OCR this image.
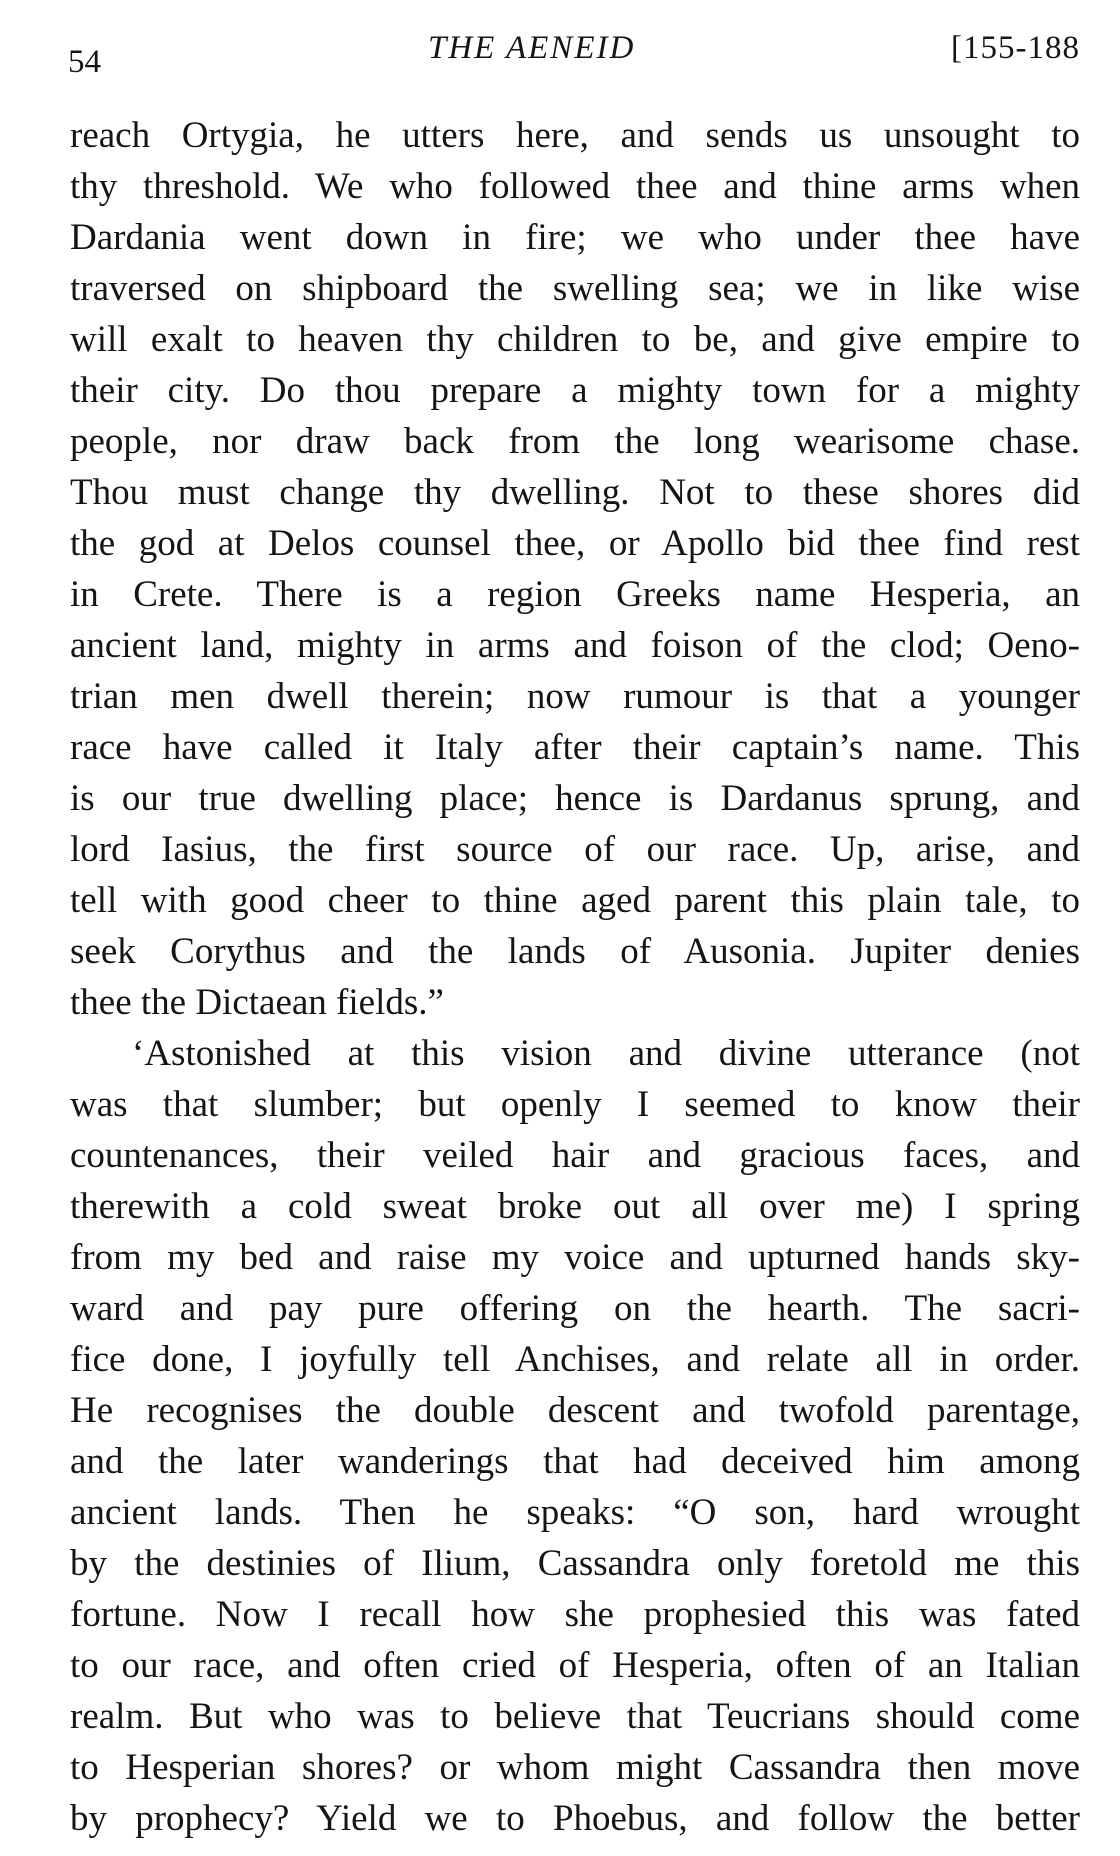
54	THE AENEID	[155-188
reach Ortygia, he utters here, and sends us unsought to
thy threshold. We who followed thee and thine arms when
Dardania went down in fire; we who under thee have
traversed on shipboard the swelling sea; we in like wise
will exalt to heaven thy children to be, and give empire to
their city. Do thou prepare a mighty town for a mighty
people, nor draw back from the long wearisome chase.
Thou must change thy dwelling. Not to these shores did
the god at Delos counsel thee, or Apollo bid thee find rest
in Crete. There is a region Greeks name Hesperia, an
ancient land, mighty in arms and foison of the clod; Oeno-
trian men dwell therein; now rumour is that a younger
race have called it Italy after their captain’s name. This
is our true dwelling place; hence is Dardanus sprung, and
lord Iasius, the first source of our race. Up, arise, and
tell with good cheer to thine aged parent this plain tale, to
seek Corythus and the lands of Ausonia. Jupiter denies
thee the Dictaean fields.”
‘Astonished at this vision and divine utterance (not
was that slumber; but openly I seemed to know their
countenances, their veiled hair and gracious faces, and
therewith a cold sweat broke out all over me) I spring
from my bed and raise my voice and upturned hands sky-
ward and pay pure offering on the hearth. The sacri-
fice done, I joyfully tell Anchises, and relate all in order.
He recognises the double descent and twofold parentage,
and the later wanderings that had deceived him among
ancient lands. Then he speaks: “O son, hard wrought
by the destinies of Ilium, Cassandra only foretold me this
fortune. Now I recall how she prophesied this was fated
to our race, and often cried of Hesperia, often of an Italian
realm. But who was to believe that Teucrians should come
to Hesperian shores? or whom might Cassandra then move
by prophecy? Yield we to Phoebus, and follow the better
